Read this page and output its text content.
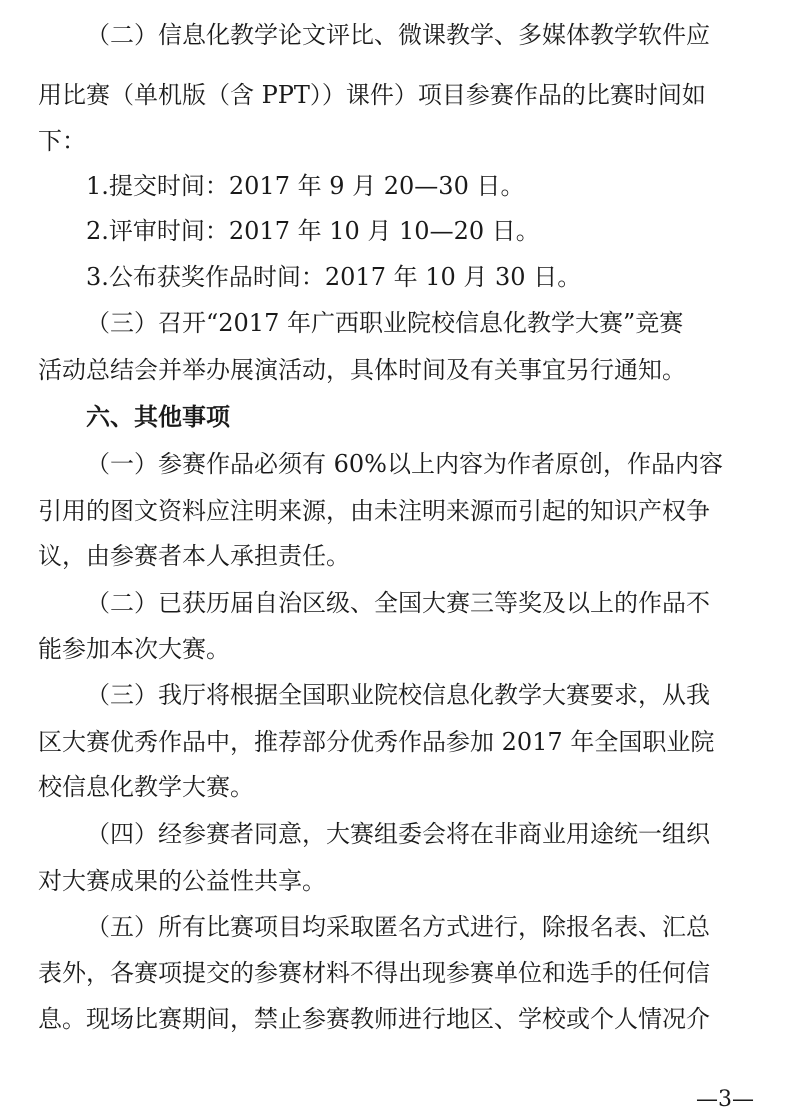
（二）信息化教学论文评比、微课教学、多媒体教学软件应
用比赛（单机版（含 PPT））课件）项目参赛作品的比赛时间如
下：
1.提交时间：2017 年 9 月 20—30 日。
2.评审时间：2017 年 10 月 10—20 日。
3.公布获奖作品时间：2017 年 10 月 30 日。
（三）召开“2017 年广西职业院校信息化教学大赛”竞赛
活动总结会并举办展演活动，具体时间及有关事宜另行通知。
六、其他事项
（一）参赛作品必须有 60%以上内容为作者原创，作品内容
引用的图文资料应注明来源，由未注明来源而引起的知识产权争
议，由参赛者本人承担责任。
（二）已获历届自治区级、全国大赛三等奖及以上的作品不
能参加本次大赛。
（三）我厅将根据全国职业院校信息化教学大赛要求，从我
区大赛优秀作品中，推荐部分优秀作品参加 2017 年全国职业院
校信息化教学大赛。
（四）经参赛者同意，大赛组委会将在非商业用途统一组织
对大赛成果的公益性共享。
（五）所有比赛项目均采取匿名方式进行，除报名表、汇总
表外，各赛项提交的参赛材料不得出现参赛单位和选手的任何信
息。现场比赛期间，禁止参赛教师进行地区、学校或个人情况介
—3—
